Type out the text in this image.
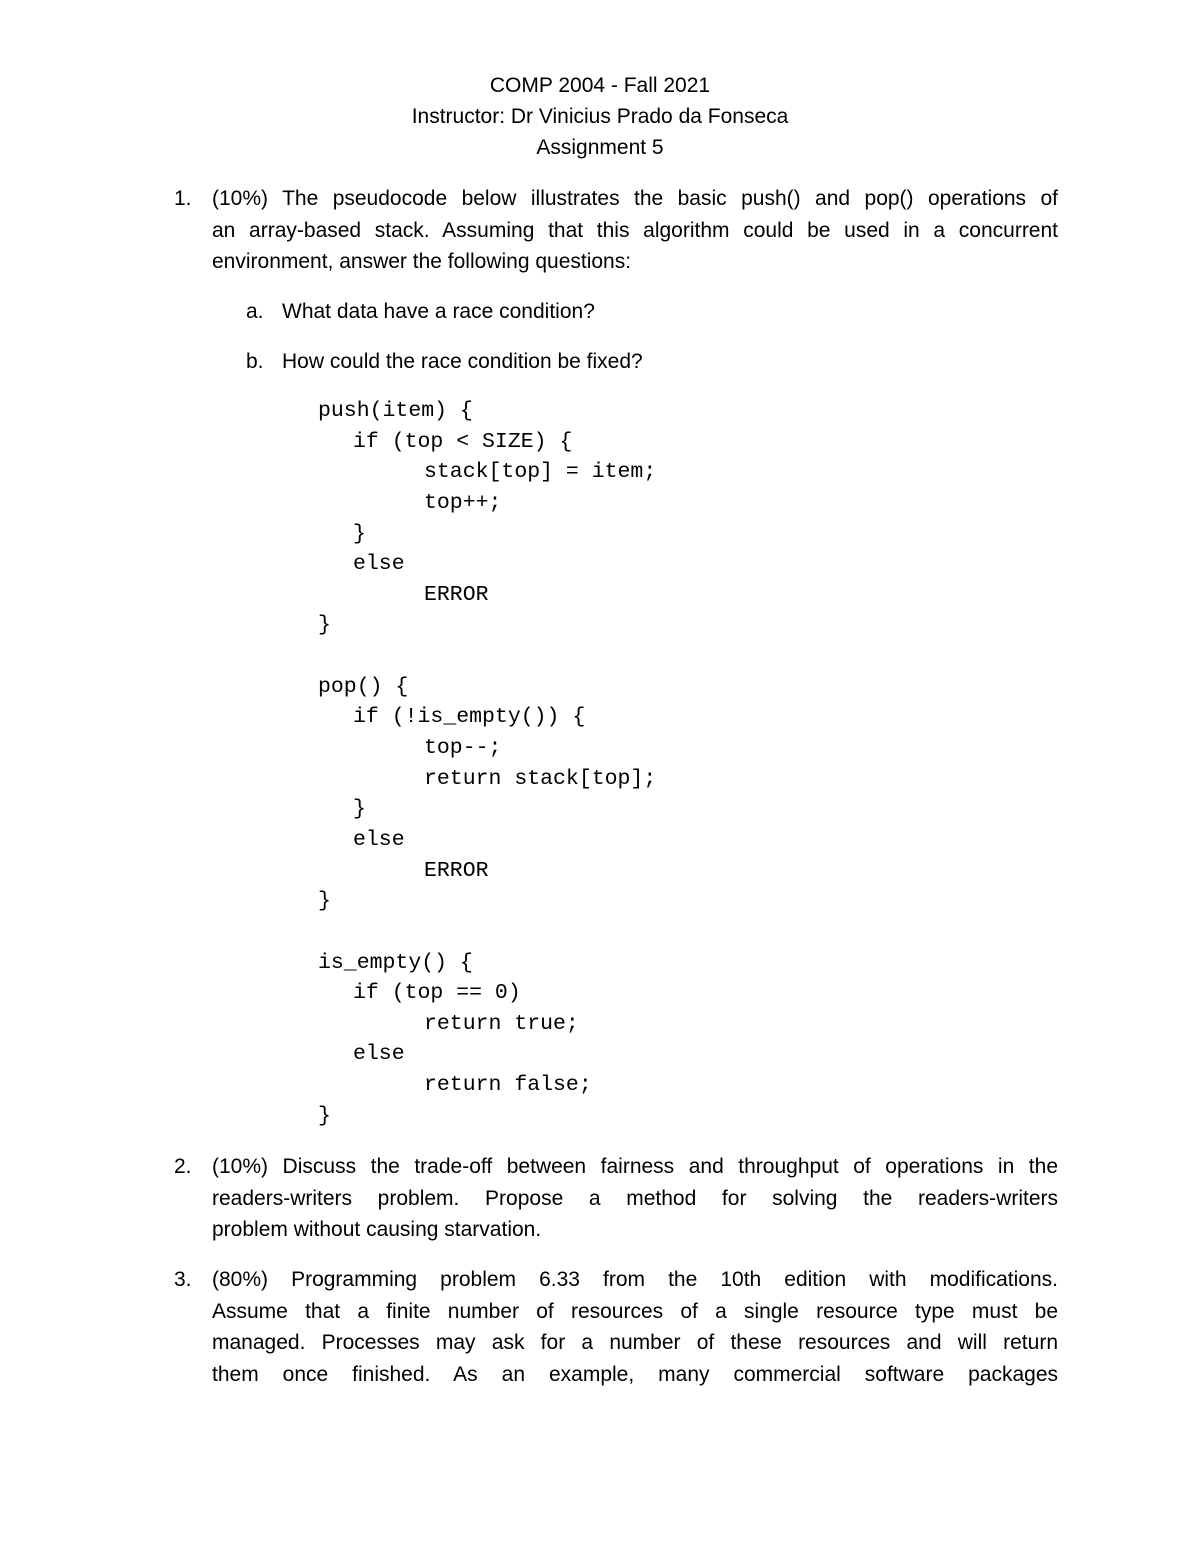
COMP 2004 - Fall 2021
Instructor: Dr Vinicius Prado da Fonseca
Assignment 5
1. (10%) The pseudocode below illustrates the basic push() and pop() operations of
an array-based stack. Assuming that this algorithm could be used in a concurrent
environment, answer the following questions:
a. What data have a race condition?
b. How could the race condition be fixed?
push(item) {
if (top < SIZE) {
stack[top] = item;
top++;
}
else
ERROR
}
pop() {
if (!is_empty()) {
top--;
return stack[top];
}
else
ERROR
}
is_empty() {
if (top == 0)
return true;
else
return false;
}
2. (10%) Discuss the trade-off between fairness and throughput of operations in the
readers-writers problem. Propose a method for solving the readers-writers
problem without causing starvation.
3. (80%) Programming problem 6.33 from the 10th edition with modifications.
Assume that a finite number of resources of a single resource type must be
managed. Processes may ask for a number of these resources and will return
them once finished. As an example, many commercial software packages
